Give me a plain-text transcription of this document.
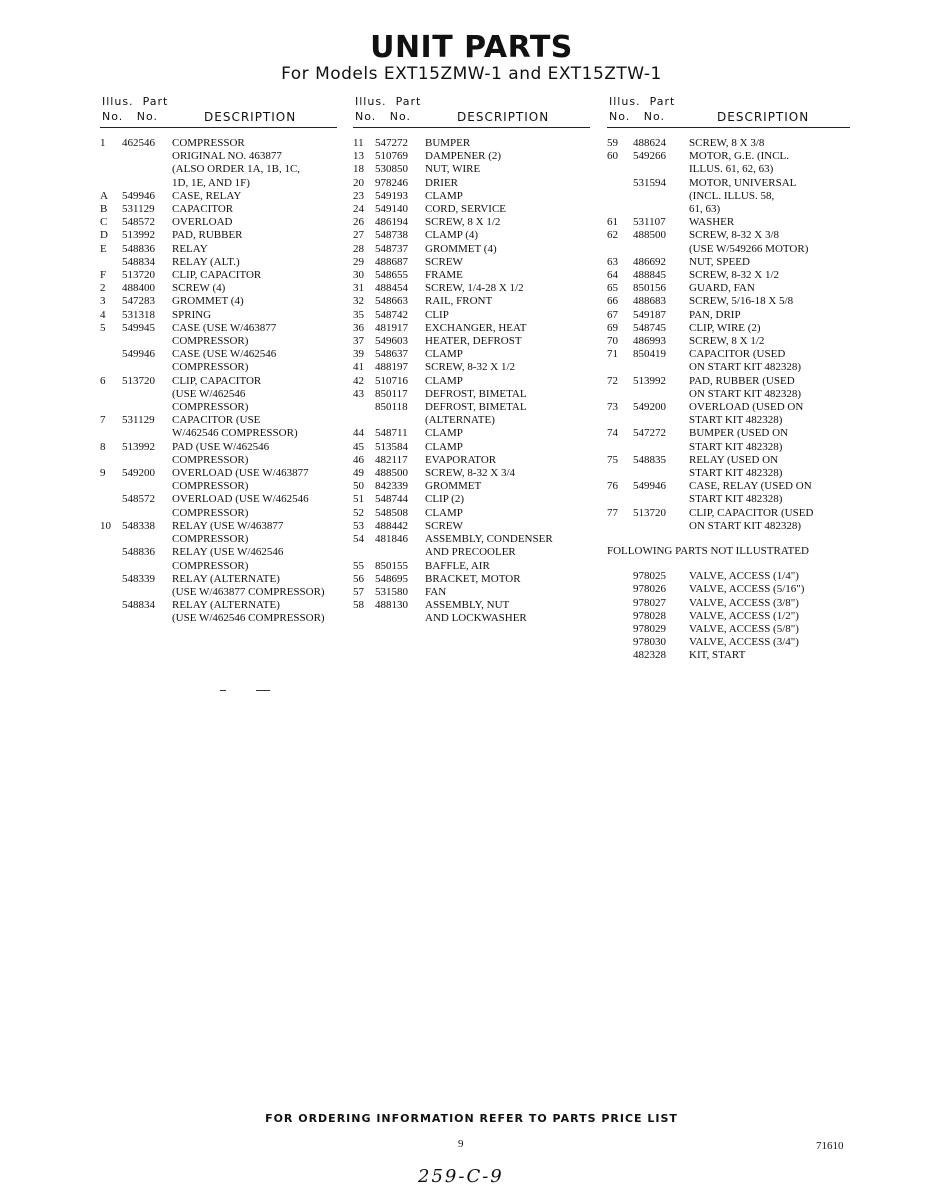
UNIT PARTS
For Models EXT15ZMW-1 and EXT15ZTW-1
Illus. Part
No. No.	DESCRIPTION
1	462546	COMPRESSOR
ORIGINAL NO. 463877
(ALSO ORDER 1A, 1B, 1C,
1D, 1E, AND 1F)
A	549946	CASE, RELAY
B	531129	CAPACITOR
C	548572	OVERLOAD
D	513992	PAD, RUBBER
E	548836	RELAY
548834	RELAY (ALT.)
F	513720	CLIP, CAPACITOR
2	488400	SCREW (4)
3	547283	GROMMET (4)
4	531318	SPRING
5	549945	CASE (USE W/463877
COMPRESSOR)
549946	CASE (USE W/462546
COMPRESSOR)
6	513720	CLIP, CAPACITOR
(USE W/462546
COMPRESSOR)
7	531129	CAPACITOR (USE
W/462546 COMPRESSOR)
8	513992	PAD (USE W/462546
COMPRESSOR)
9	549200	OVERLOAD (USE W/463877
COMPRESSOR)
548572	OVERLOAD (USE W/462546
COMPRESSOR)
10	548338	RELAY (USE W/463877
COMPRESSOR)
548836	RELAY (USE W/462546
COMPRESSOR)
548339	RELAY (ALTERNATE)
(USE W/463877 COMPRESSOR)
548834	RELAY (ALTERNATE)
(USE W/462546 COMPRESSOR)
Illus. Part
No. No.	DESCRIPTION
11	547272	BUMPER
13	510769	DAMPENER (2)
18	530850	NUT, WIRE
20	978246	DRIER
23	549193	CLAMP
24	549140	CORD, SERVICE
26	486194	SCREW, 8 X 1/2
27	548738	CLAMP (4)
28	548737	GROMMET (4)
29	488687	SCREW
30	548655	FRAME
31	488454	SCREW, 1/4-28 X 1/2
32	548663	RAIL, FRONT
35	548742	CLIP
36	481917	EXCHANGER, HEAT
37	549603	HEATER, DEFROST
39	548637	CLAMP
41	488197	SCREW, 8-32 X 1/2
42	510716	CLAMP
43	850117	DEFROST, BIMETAL
850118	DEFROST, BIMETAL
(ALTERNATE)
44	548711	CLAMP
45	513584	CLAMP
46	482117	EVAPORATOR
49	488500	SCREW, 8-32 X 3/4
50	842339	GROMMET
51	548744	CLIP (2)
52	548508	CLAMP
53	488442	SCREW
54	481846	ASSEMBLY, CONDENSER
AND PRECOOLER
55	850155	BAFFLE, AIR
56	548695	BRACKET, MOTOR
57	531580	FAN
58	488130	ASSEMBLY, NUT
AND LOCKWASHER
Illus. Part
No. No.	DESCRIPTION
59	488624	SCREW, 8 X 3/8
60	549266	MOTOR, G.E. (INCL.
ILLUS. 61, 62, 63)
531594	MOTOR, UNIVERSAL
(INCL. ILLUS. 58,
61, 63)
61	531107	WASHER
62	488500	SCREW, 8-32 X 3/8
(USE W/549266 MOTOR)
63	486692	NUT, SPEED
64	488845	SCREW, 8-32 X 1/2
65	850156	GUARD, FAN
66	488683	SCREW, 5/16-18 X 5/8
67	549187	PAN, DRIP
69	548745	CLIP, WIRE (2)
70	486993	SCREW, 8 X 1/2
71	850419	CAPACITOR (USED
ON START KIT 482328)
72	513992	PAD, RUBBER (USED
ON START KIT 482328)
73	549200	OVERLOAD (USED ON
START KIT 482328)
74	547272	BUMPER (USED ON
START KIT 482328)
75	548835	RELAY (USED ON
START KIT 482328)
76	549946	CASE, RELAY (USED ON
START KIT 482328)
77	513720	CLIP, CAPACITOR (USED
ON START KIT 482328)
FOLLOWING PARTS NOT ILLUSTRATED
978025	VALVE, ACCESS (1/4")
978026	VALVE, ACCESS (5/16")
978027	VALVE, ACCESS (3/8")
978028	VALVE, ACCESS (1/2")
978029	VALVE, ACCESS (5/8")
978030	VALVE, ACCESS (3/4")
482328	KIT, START
FOR ORDERING INFORMATION REFER TO PARTS PRICE LIST
9	71610
259-C-9
